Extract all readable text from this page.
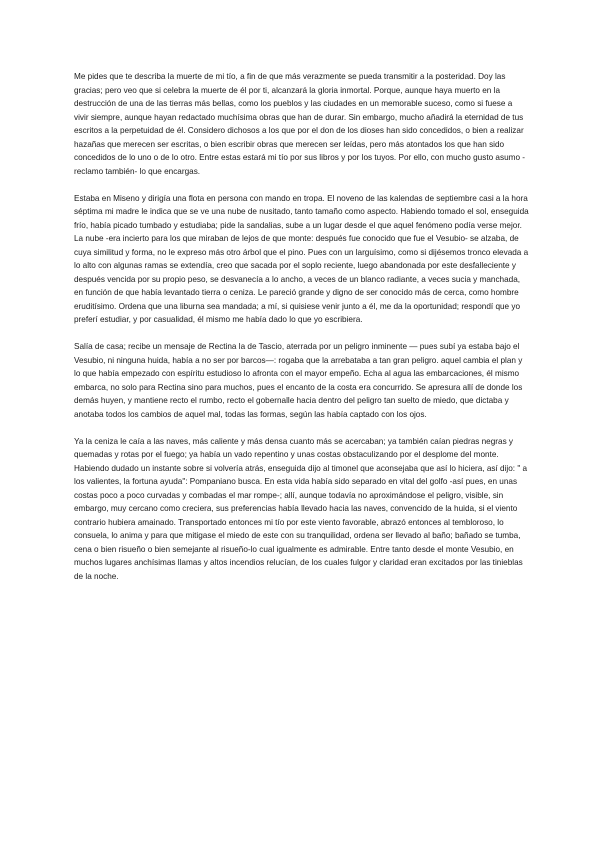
Me pides que te describa la muerte de mi tío, a fin de que más verazmente se pueda transmitir a la posteridad. Doy las gracias; pero veo que si celebra la muerte de él por ti, alcanzará la gloria inmortal. Porque, aunque haya muerto en la destrucción de una de las tierras más bellas, como los pueblos y las ciudades en un memorable suceso, como si fuese a vivir siempre, aunque hayan redactado muchísima obras que han de durar. Sin embargo, mucho añadirá la eternidad de tus escritos a la perpetuidad de él. Considero dichosos a los que por el don de los dioses han sido concedidos, o bien a realizar hazañas que merecen ser escritas, o bien escribir obras que merecen ser leídas, pero más atontados los que han sido concedidos de lo uno o de lo otro. Entre estas estará mi tío por sus libros y por los tuyos. Por ello, con mucho gusto asumo -reclamo también- lo que encargas.

Estaba en Miseno y dirigía una flota en persona con mando en tropa. El noveno de las kalendas de septiembre casi a la hora séptima mi madre le indica que se ve una nube de nusitado, tanto tamaño como aspecto. Habiendo tomado el sol, enseguida frío, había picado tumbado y estudiaba; pide la sandalias, sube a un lugar desde el que aquel fenómeno podía verse mejor. La nube -era incierto para los que miraban de lejos de que monte: después fue conocido que fue el Vesubio- se alzaba, de cuya similitud y forma, no le expreso más otro árbol que el pino. Pues con un larguísimo, como si dijésemos tronco elevada a lo alto con algunas ramas se extendía, creo que sacada por el soplo reciente, luego abandonada por este desfalleciente y después vencida por su propio peso, se desvanecía a lo ancho, a veces de un blanco radiante, a veces sucia y manchada, en función de que había levantado tierra o ceniza. Le pareció grande y digno de ser conocido más de cerca, como hombre eruditísimo. Ordena que una liburna sea mandada; a mí, si quisiese venir junto a él, me da la oportunidad; respondí que yo preferí estudiar, y por casualidad, él mismo me había dado lo que yo escribiera.

Salía de casa; recibe un mensaje de Rectina la de Tascio, aterrada por un peligro inminente — pues subí ya estaba bajo el Vesubio, ni ninguna huida, había a no ser por barcos—: rogaba que la arrebataba a tan gran peligro. aquel cambia el plan y lo que había empezado con espíritu estudioso lo afronta con el mayor empeño. Echa al agua las embarcaciones, él mismo embarca, no solo para Rectina sino para muchos, pues el encanto de la costa era concurrido. Se apresura allí de donde los demás huyen, y mantiene recto el rumbo, recto el gobernalle hacia dentro del peligro tan suelto de miedo, que dictaba y anotaba todos los cambios de aquel mal, todas las formas, según las había captado con los ojos.

Ya la ceniza le caía a las naves, más caliente y más densa cuanto más se acercaban; ya también caían piedras negras y quemadas y rotas por el fuego; ya había un vado repentino y unas costas obstaculizando por el desplome del monte. Habiendo dudado un instante sobre si volvería atrás, enseguida dijo al timonel que aconsejaba que así lo hiciera, así dijo: " a los valientes, la fortuna ayuda": Pompaniano busca. En esta vida había sido separado en vital del golfo -así pues, en unas costas poco a poco curvadas y combadas el mar rompe-; allí, aunque todavía no aproximándose el peligro, visible, sin embargo, muy cercano como creciera, sus preferencias había llevado hacia las naves, convencido de la huida, si el viento contrario hubiera amainado. Transportado entonces mi tío por este viento favorable, abrazó entonces al tembloroso, lo consuela, lo anima y para que mitigase el miedo de este con su tranquilidad, ordena ser llevado al baño; bañado se tumba, cena o bien risueño o bien semejante al risueño-lo cual igualmente es admirable. Entre tanto desde el monte Vesubio, en muchos lugares anchísimas llamas y altos incendios relucían, de los cuales fulgor y claridad eran excitados por las tinieblas de la noche.
